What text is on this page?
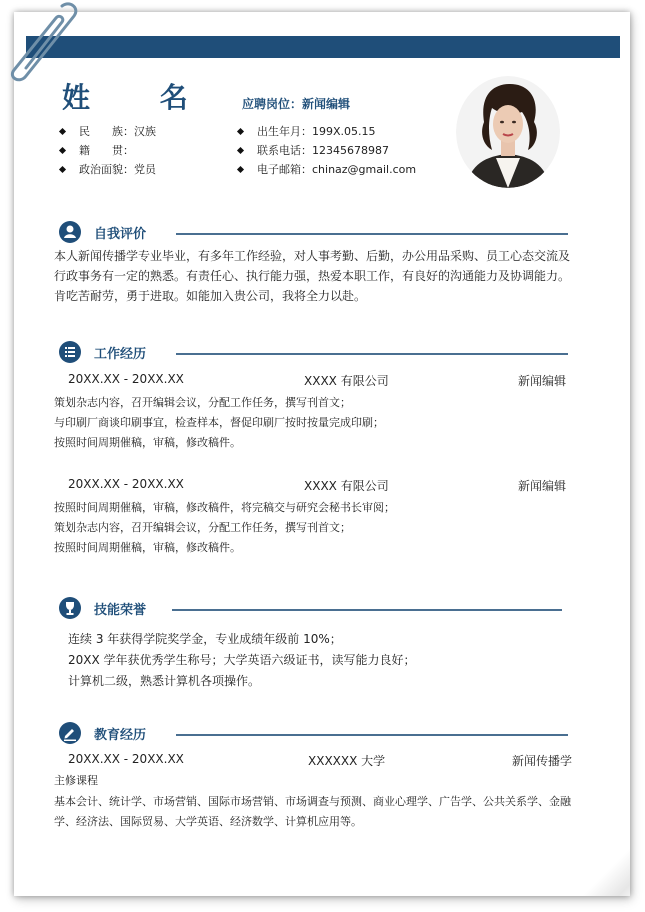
姓 名 应聘岗位：新闻编辑
民　　族： 汉族
籍　　贯：
政治面貌： 党员
出生年月： 199X.05.15
联系电话： 12345678987
电子邮箱： chinaz@gmail.com
自我评价
本人新闻传播学专业毕业，有多年工作经验，对人事考勤、后勤，办公用品采购、员工心态交流及行政事务有一定的熟悉。有责任心、执行能力强，热爱本职工作，有良好的沟通能力及协调能力。肯吃苦耐劳，勇于进取。如能加入贵公司，我将全力以赴。
工作经历
20XX.XX - 20XX.XX	XXXX 有限公司	新闻编辑
策划杂志内容，召开编辑会议，分配工作任务，撰写刊首文；
与印刷厂商谈印刷事宜，检查样本，督促印刷厂按时按量完成印刷；
按照时间周期催稿，审稿，修改稿件。
20XX.XX - 20XX.XX	XXXX 有限公司	新闻编辑
按照时间周期催稿，审稿，修改稿件，将完稿交与研究会秘书长审阅；
策划杂志内容，召开编辑会议，分配工作任务，撰写刊首文；
按照时间周期催稿，审稿，修改稿件。
技能荣誉
连续 3 年获得学院奖学金，专业成绩年级前 10%；
20XX 学年获优秀学生称号；大学英语六级证书，读写能力良好；
计算机二级，熟悉计算机各项操作。
教育经历
20XX.XX - 20XX.XX	XXXXXX 大学	新闻传播学
主修课程
基本会计、统计学、市场营销、国际市场营销、市场调查与预测、商业心理学、广告学、公共关系学、金融学、经济法、国际贸易、大学英语、经济数学、计算机应用等。
